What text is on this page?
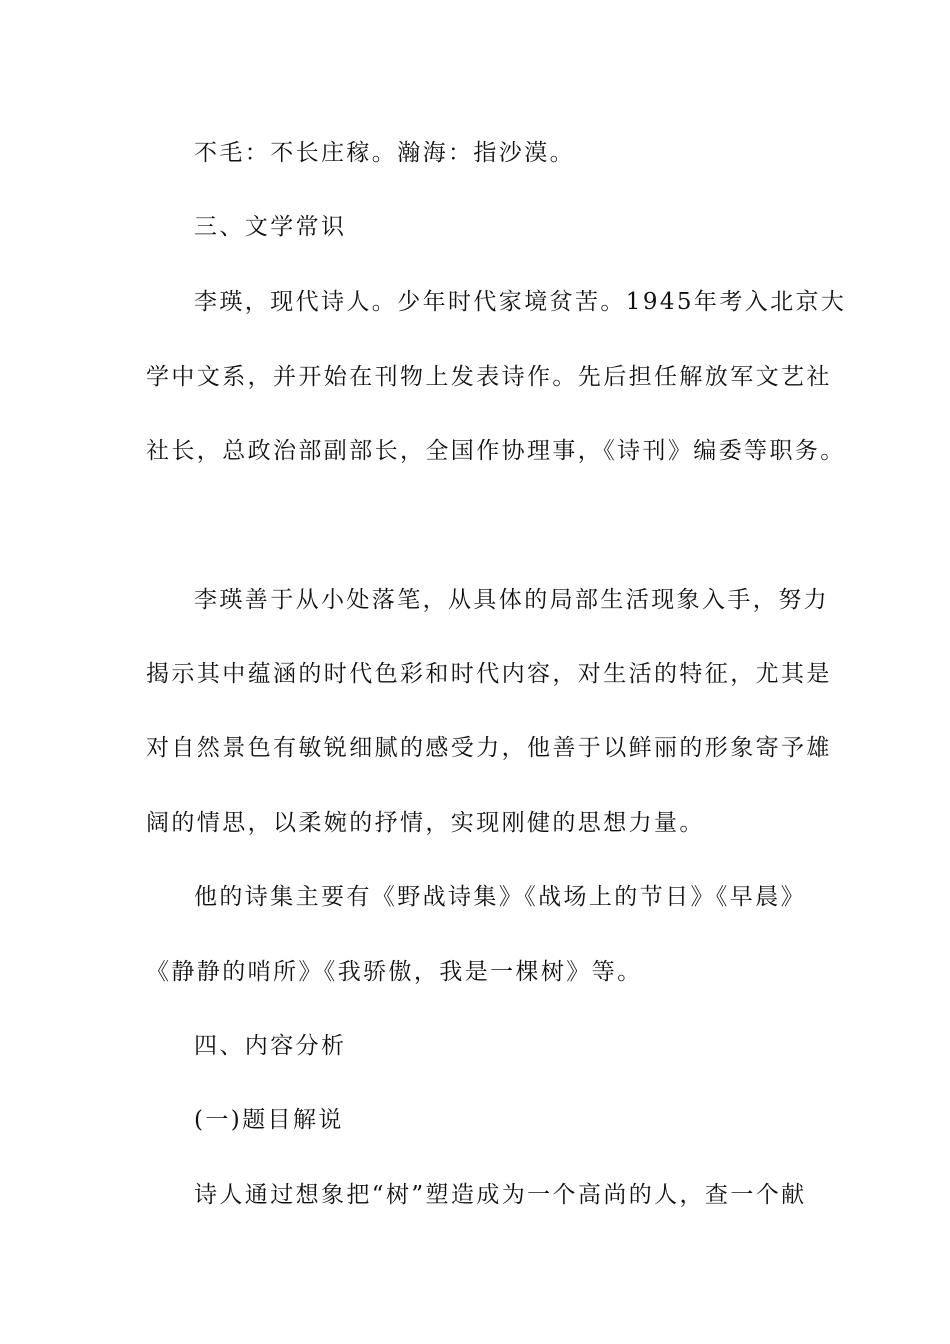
不毛：不长庄稼。瀚海：指沙漠。
三、文学常识
李瑛，现代诗人。少年时代家境贫苦。1945年考入北京大
学中文系，并开始在刊物上发表诗作。先后担任解放军文艺社
社长，总政治部副部长，全国作协理事，《诗刊》编委等职务。
李瑛善于从小处落笔，从具体的局部生活现象入手，努力
揭示其中蕴涵的时代色彩和时代内容，对生活的特征，尤其是
对自然景色有敏锐细腻的感受力，他善于以鲜丽的形象寄予雄
阔的情思，以柔婉的抒情，实现刚健的思想力量。
他的诗集主要有《野战诗集》《战场上的节日》《早晨》
《静静的哨所》《我骄傲，我是一棵树》等。
四、内容分析
(一)题目解说
诗人通过想象把“树”塑造成为一个高尚的人，查一个献
